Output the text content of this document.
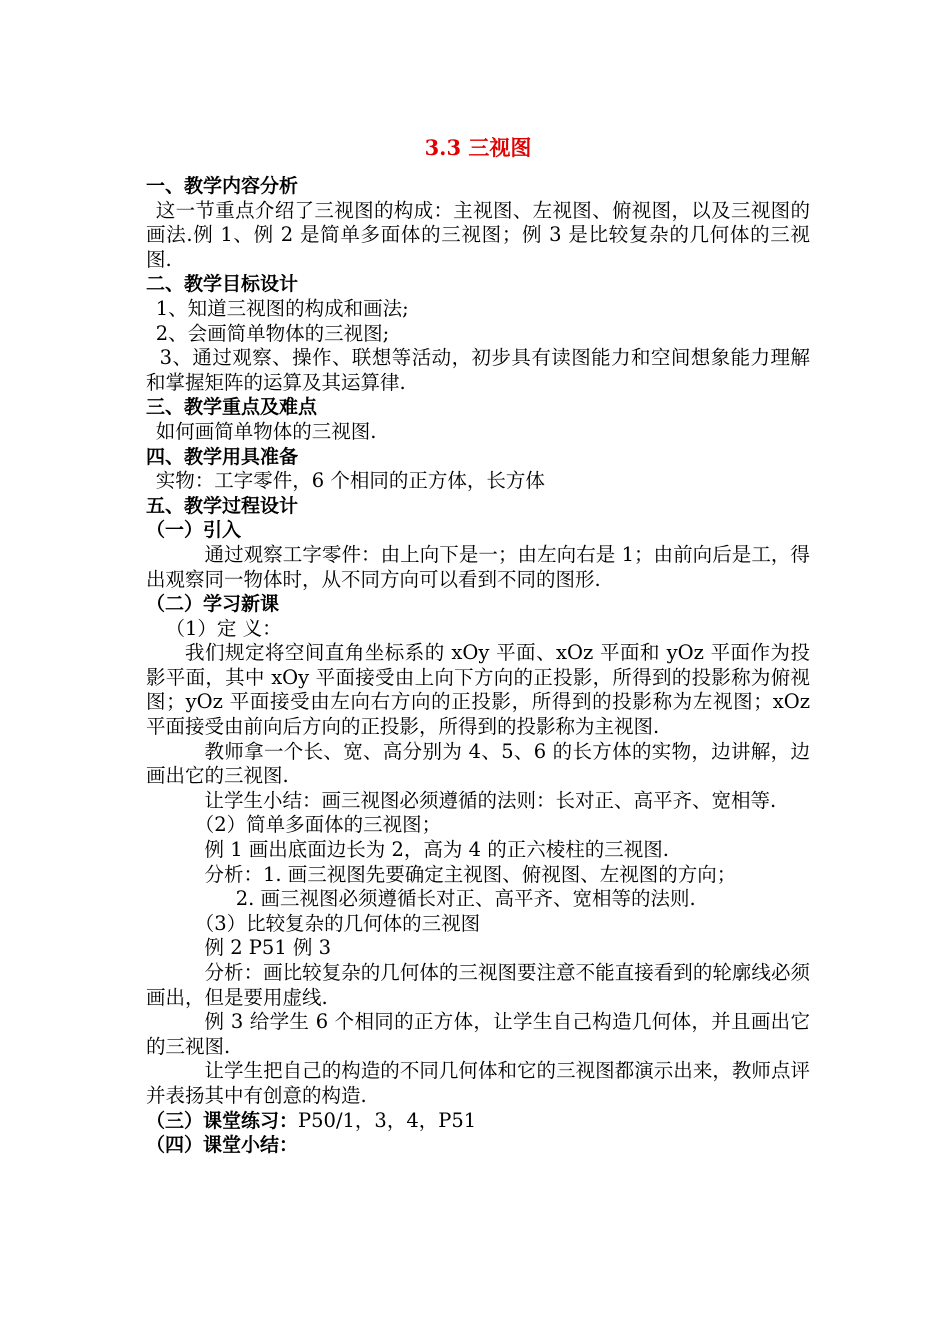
3.3 三视图
一、教学内容分析
这一节重点介绍了三视图的构成：主视图、左视图、俯视图，以及三视图的画法.例 1、例 2 是简单多面体的三视图；例 3 是比较复杂的几何体的三视图.
二、教学目标设计
1、知道三视图的构成和画法;
2、会画简单物体的三视图;
3、通过观察、操作、联想等活动，初步具有读图能力和空间想象能力理解和掌握矩阵的运算及其运算律.
三、教学重点及难点
如何画简单物体的三视图.
四、教学用具准备
实物：工字零件，6 个相同的正方体，长方体
五、教学过程设计
（一）引入
通过观察工字零件：由上向下是一；由左向右是 1；由前向后是工，得出观察同一物体时，从不同方向可以看到不同的图形.
（二）学习新课
（1）定 义：
我们规定将空间直角坐标系的 xOy 平面、xOz 平面和 yOz 平面作为投影平面，其中 xOy 平面接受由上向下方向的正投影，所得到的投影称为俯视图；yOz 平面接受由左向右方向的正投影，所得到的投影称为左视图；xOz 平面接受由前向后方向的正投影，所得到的投影称为主视图.
教师拿一个长、宽、高分别为 4、5、6 的长方体的实物，边讲解，边画出它的三视图.
让学生小结：画三视图必须遵循的法则：长对正、高平齐、宽相等.
（2）简单多面体的三视图；
例 1 画出底面边长为 2，高为 4 的正六棱柱的三视图.
分析：1. 画三视图先要确定主视图、俯视图、左视图的方向；
2. 画三视图必须遵循长对正、高平齐、宽相等的法则.
（3）比较复杂的几何体的三视图
例 2 P51 例 3
分析：画比较复杂的几何体的三视图要注意不能直接看到的轮廓线必须画出，但是要用虚线.
例 3 给学生 6 个相同的正方体，让学生自己构造几何体，并且画出它的三视图.
让学生把自己的构造的不同几何体和它的三视图都演示出来，教师点评并表扬其中有创意的构造.
（三）课堂练习：P50/1，3，4，P51
（四）课堂小结：
